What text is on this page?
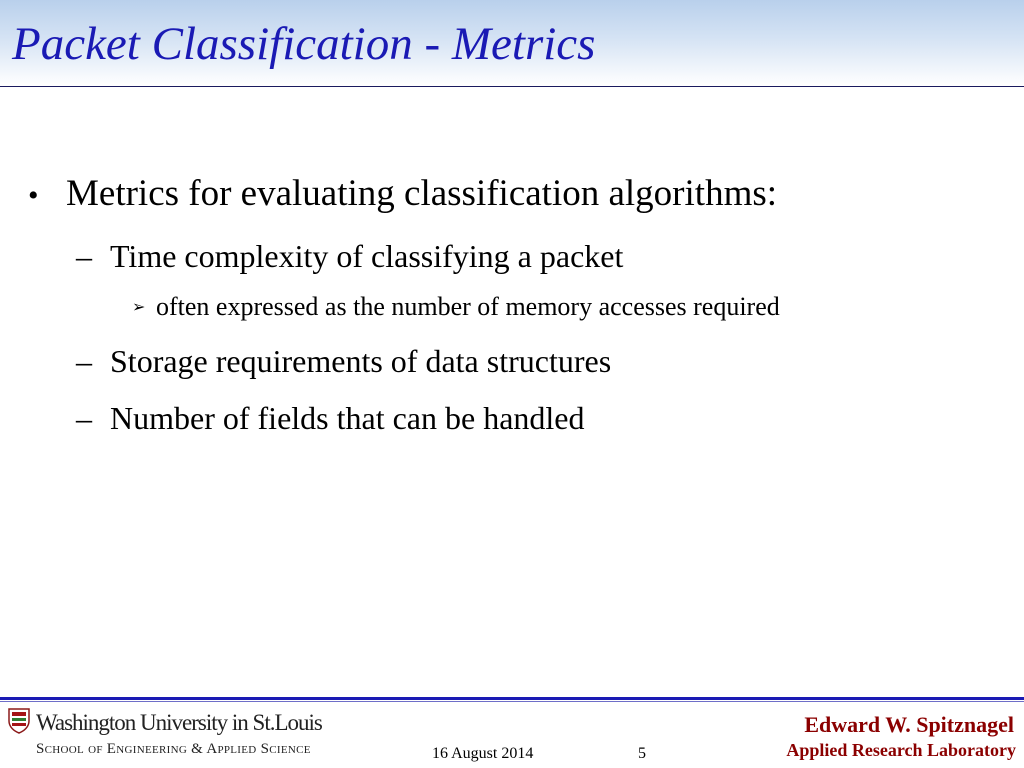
Packet Classification - Metrics
• Metrics for evaluating classification algorithms:
– Time complexity of classifying a packet
➢ often expressed as the number of memory accesses required
– Storage requirements of data structures
– Number of fields that can be handled
Washington University in St.Louis
School of Engineering & Applied Science	16 August 2014	5
Edward W. Spitznagel
Applied Research Laboratory
